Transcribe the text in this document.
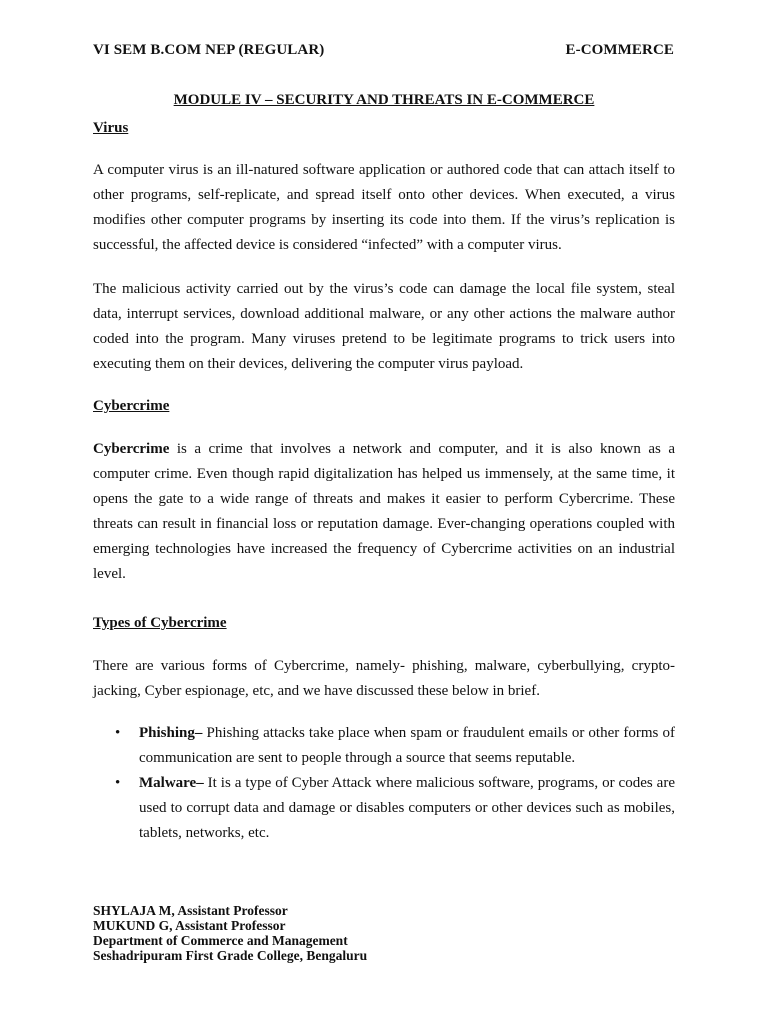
VI SEM B.COM NEP (REGULAR)	E-COMMERCE
MODULE IV – SECURITY AND THREATS IN E-COMMERCE

Virus

A computer virus is an ill-natured software application or authored code that can attach itself to other programs, self-replicate, and spread itself onto other devices. When executed, a virus modifies other computer programs by inserting its code into them. If the virus’s replication is successful, the affected device is considered “infected” with a computer virus.

The malicious activity carried out by the virus’s code can damage the local file system, steal data, interrupt services, download additional malware, or any other actions the malware author coded into the program. Many viruses pretend to be legitimate programs to trick users into executing them on their devices, delivering the computer virus payload.

Cybercrime

Cybercrime is a crime that involves a network and computer, and it is also known as a computer crime. Even though rapid digitalization has helped us immensely, at the same time, it opens the gate to a wide range of threats and makes it easier to perform Cybercrime. These threats can result in financial loss or reputation damage. Ever-changing operations coupled with emerging technologies have increased the frequency of Cybercrime activities on an industrial level.

Types of Cybercrime

There are various forms of Cybercrime, namely- phishing, malware, cyberbullying, crypto-jacking, Cyber espionage, etc, and we have discussed these below in brief.

• Phishing– Phishing attacks take place when spam or fraudulent emails or other forms of communication are sent to people through a source that seems reputable.
• Malware– It is a type of Cyber Attack where malicious software, programs, or codes are used to corrupt data and damage or disables computers or other devices such as mobiles, tablets, networks, etc.
SHYLAJA M, Assistant Professor
MUKUND G, Assistant Professor
Department of Commerce and Management
Seshadripuram First Grade College, Bengaluru
